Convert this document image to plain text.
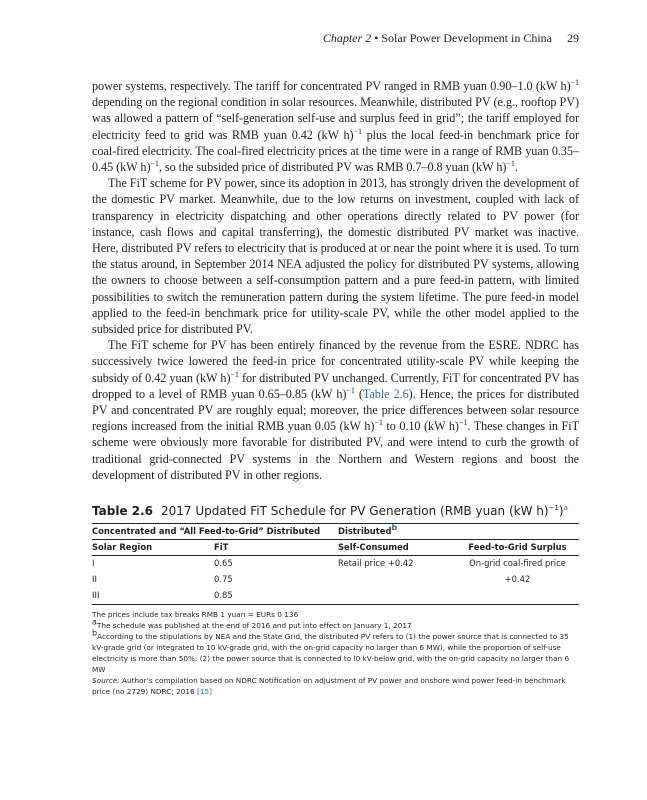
Chapter 2 • Solar Power Development in China 29

power systems, respectively. The tariff for concentrated PV ranged in RMB yuan 0.90–1.0 (kW h)$^{-1}$ depending on the regional condition in solar resources. Meanwhile, distributed PV (e.g., rooftop PV) was allowed a pattern of “self-generation self-use and surplus feed in grid”; the tariff employed for electricity feed to grid was RMB yuan 0.42 (kW h)$^{-1}$ plus the local feed-in benchmark price for coal-fired electricity. The coal-fired electricity prices at the time were in a range of RMB yuan 0.35–0.45 (kW h)$^{-1}$, so the subsided price of distributed PV was RMB 0.7–0.8 yuan (kW h)$^{-1}$.

The FiT scheme for PV power, since its adoption in 2013, has strongly driven the development of the domestic PV market. Meanwhile, due to the low returns on investment, coupled with lack of transparency in electricity dispatching and other operations directly related to PV power (for instance, cash flows and capital transferring), the domestic distributed PV market was inactive. Here, distributed PV refers to electricity that is produced at or near the point where it is used. To turn the status around, in September 2014 NEA adjusted the policy for distributed PV systems, allowing the owners to choose between a self-consumption pattern and a pure feed-in pattern, with limited possibilities to switch the remuneration pattern during the system lifetime. The pure feed-in model applied to the feed-in benchmark price for utility-scale PV, while the other model applied to the subsided price for distributed PV.

The FiT scheme for PV has been entirely financed by the revenue from the ESRE. NDRC has successively twice lowered the feed-in price for concentrated utility-scale PV while keeping the subsidy of 0.42 yuan (kW h)$^{-1}$ for distributed PV unchanged. Currently, FiT for concentrated PV has dropped to a level of RMB yuan 0.65–0.85 (kW h)$^{-1}$ (Table 2.6). Hence, the prices for distributed PV and concentrated PV are roughly equal; moreover, the price differences between solar resource regions increased from the initial RMB yuan 0.05 (kW h)$^{-1}$ to 0.10 (kW h)$^{-1}$. These changes in FiT scheme were obviously more favorable for distributed PV, and were intend to curb the growth of traditional grid-connected PV systems in the Northern and Western regions and boost the development of distributed PV in other regions.

Table 2.6 2017 Updated FiT Schedule for PV Generation (RMB yuan (kW h)$^{-1}$)$^a$
Concentrated and “All Feed-to-Grid” Distributed		Distributed$^b$
Solar Region	FiT	Self-Consumed	Feed-to-Grid Surplus
I	0.65	Retail price +0.42	On-grid coal-fired price
II	0.75		+0.42
III	0.85		
The prices include tax breaks RMB 1 yuan = EURs 0 136
$^a$The schedule was published at the end of 2016 and put into effect on January 1, 2017
$^b$According to the stipulations by NEA and the State Grid, the distributed PV refers to (1) the power source that is connected to 35 kV-grade grid (or integrated to 10 kV-grade grid, with the on-grid capacity no larger than 6 MW), while the proportion of self-use electricity is more than 50%; (2) the power source that is connected to l0 kV-below grid, with the on-grid capacity no larger than 6 MW
Source: Author’s compilation based on NDRC Notification on adjustment of PV power and onshore wind power feed-in benchmark price (no 2729) NDRC; 2016 [15]
